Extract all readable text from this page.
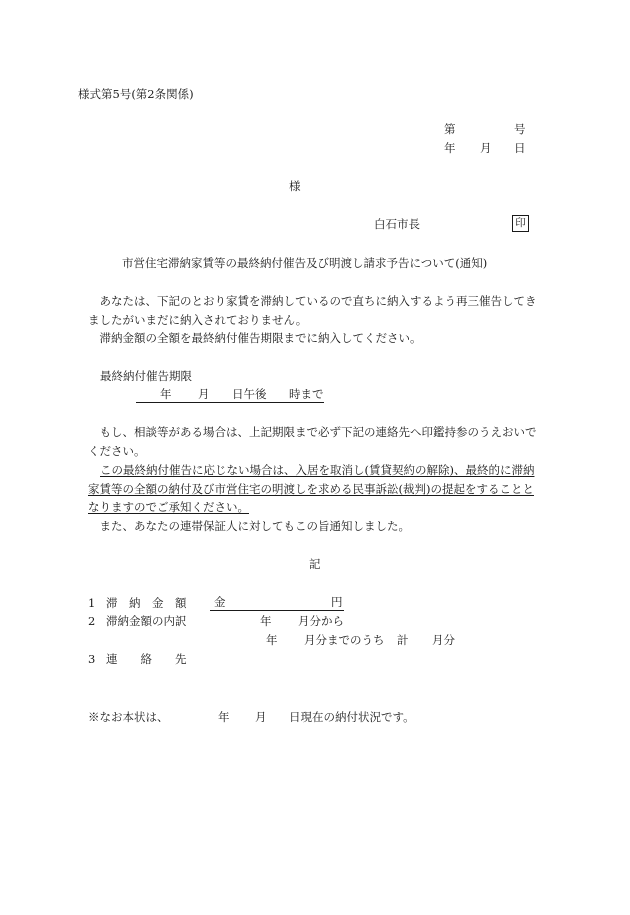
様式第5号(第2条関係)
第	号
年 月 日
様
白石市長	印
市営住宅滞納家賃等の最終納付催告及び明渡し請求予告について(通知)
　あなたは、下記のとおり家賃を滞納しているので直ちに納入するよう再三催告してき
ましたがいまだに納入されておりません。
　滞納金額の全額を最終納付催告期限までに納入してください。
最終納付催告期限
年 月 日午後 時まで
　もし、相談等がある場合は、上記期限まで必ず下記の連絡先へ印鑑持参のうえおいで
ください。
この最終納付催告に応じない場合は、入居を取消し(賃貸契約の解除)、最終的に滞納
家賃等の全額の納付及び市営住宅の明渡しを求める民事訴訟(裁判)の提起をすることと
なりますのでご承知ください。
　また、あなたの連帯保証人に対してもこの旨通知しました。
記
1 滞　納　金　額 金	円
2 滞納金額の内訳	年 月分から
年 月分までのうち 計 月分
3 連　　絡　　先
※なお本状は、	年 月 日現在の納付状況です。
